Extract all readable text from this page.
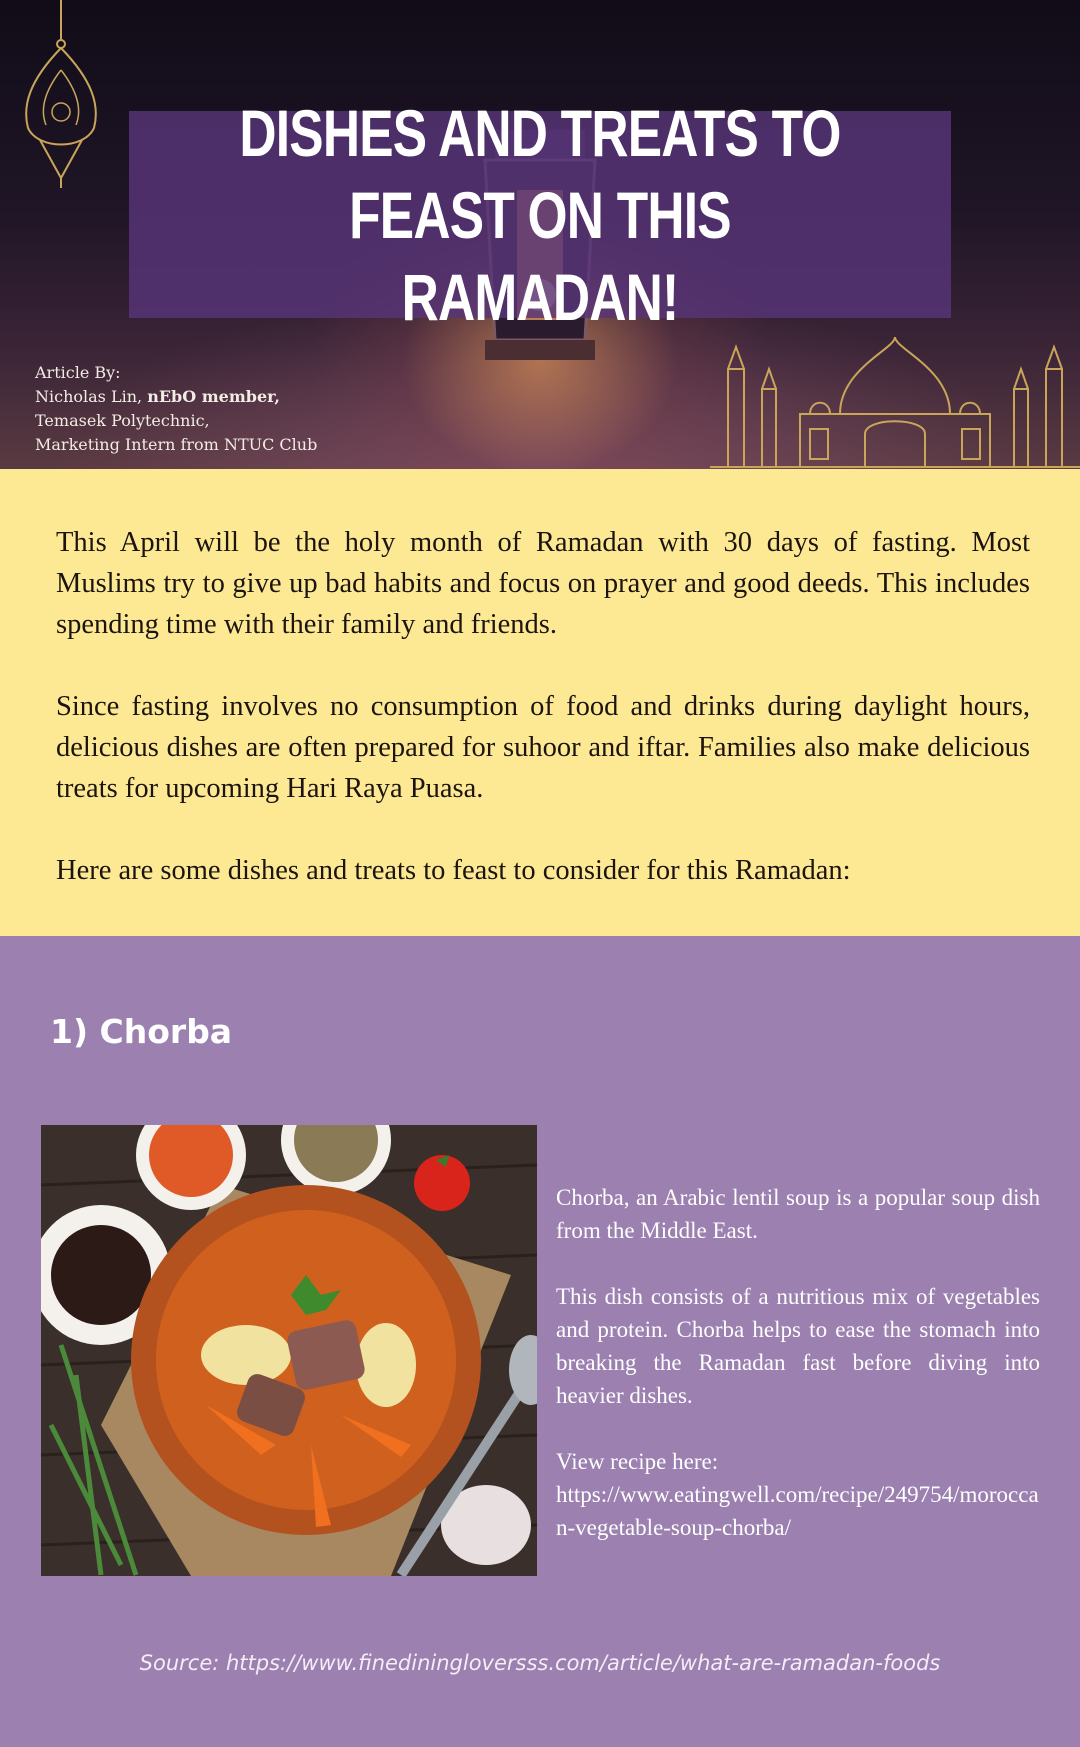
DISHES AND TREATS TO FEAST ON THIS RAMADAN!
Article By:
Nicholas Lin, nEbO member,
Temasek Polytechnic,
Marketing Intern from NTUC Club

This April will be the holy month of Ramadan with 30 days of fasting. Most Muslims try to give up bad habits and focus on prayer and good deeds. This includes spending time with their family and friends.

Since fasting involves no consumption of food and drinks during daylight hours, delicious dishes are often prepared for suhoor and iftar. Families also make delicious treats for upcoming Hari Raya Puasa.

Here are some dishes and treats to feast to consider for this Ramadan:

1) Chorba

Chorba, an Arabic lentil soup is a popular soup dish from the Middle East.

This dish consists of a nutritious mix of vegetables and protein. Chorba helps to ease the stomach into breaking the Ramadan fast before diving into heavier dishes.

View recipe here:
https://www.eatingwell.com/recipe/249754/moroccan-vegetable-soup-chorba/
Source: https://www.finediningloversss.com/article/what-are-ramadan-foods
